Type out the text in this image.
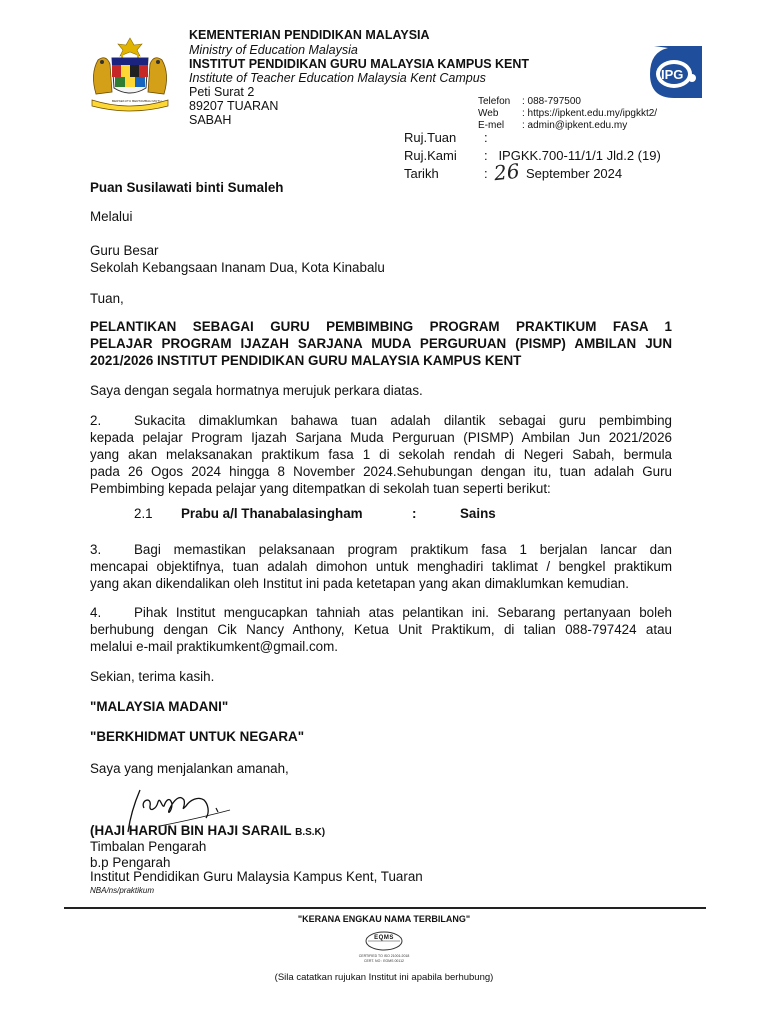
BERSEKUTU BERTAMBAH MUTU
KEMENTERIAN PENDIDIKAN MALAYSIA
Ministry of Education Malaysia
INSTITUT PENDIDIKAN GURU MALAYSIA KAMPUS KENT
Institute of Teacher Education Malaysia Kent Campus
Peti Surat 2
89207 TUARAN
SABAH
Telefon : 088-797500
Web : https://ipkent.edu.my/ipgkkt2/
E-mel : admin@ipkent.edu.my
IPG
Ruj.Tuan :
Ruj.Kami :   IPGKK.700-11/1/1 Jld.2 (19)
Tarikh	: 26 September 2024
Puan Susilawati binti Sumaleh
Melalui
Guru Besar
Sekolah Kebangsaan Inanam Dua, Kota Kinabalu
Tuan,
PELANTIKAN SEBAGAI GURU PEMBIMBING PROGRAM PRAKTIKUM FASA 1
PELAJAR PROGRAM IJAZAH SARJANA MUDA PERGURUAN (PISMP) AMBILAN JUN
2021/2026 INSTITUT PENDIDIKAN GURU MALAYSIA KAMPUS KENT
Saya dengan segala hormatnya merujuk perkara diatas.
2. Sukacita dimaklumkan bahawa tuan adalah dilantik sebagai guru pembimbing
kepada pelajar Program Ijazah Sarjana Muda Perguruan (PISMP) Ambilan Jun 2021/2026
yang akan melaksanakan praktikum fasa 1 di sekolah rendah di Negeri Sabah, bermula
pada 26 Ogos 2024 hingga 8 November 2024.Sehubungan dengan itu, tuan adalah Guru
Pembimbing kepada pelajar yang ditempatkan di sekolah tuan seperti berikut:
2.1 Prabu a/l Thanabalasingham	:	Sains
3. Bagi memastikan pelaksanaan program praktikum fasa 1 berjalan lancar dan
mencapai objektifnya, tuan adalah dimohon untuk menghadiri taklimat / bengkel praktikum
yang akan dikendalikan oleh Institut ini pada ketetapan yang akan dimaklumkan kemudian.
4. Pihak Institut mengucapkan tahniah atas pelantikan ini. Sebarang pertanyaan boleh
berhubung dengan Cik Nancy Anthony, Ketua Unit Praktikum, di talian 088-797424 atau
melalui e-mail praktikumkent@gmail.com.
Sekian, terima kasih.
"MALAYSIA MADANI"
"BERKHIDMAT UNTUK NEGARA"
Saya yang menjalankan amanah,
(HAJI HARUN BIN HAJI SARAIL B.S.K)
Timbalan Pengarah
b.p Pengarah
Institut Pendidikan Guru Malaysia Kampus Kent, Tuaran
NBA/ns/praktikum
"KERANA ENGKAU NAMA TERBILANG"
EQMS
CERTIFIED TO ISO 21001:2018
CERT. NO : EOMS 00112
(Sila catatkan rujukan Institut ini apabila berhubung)
